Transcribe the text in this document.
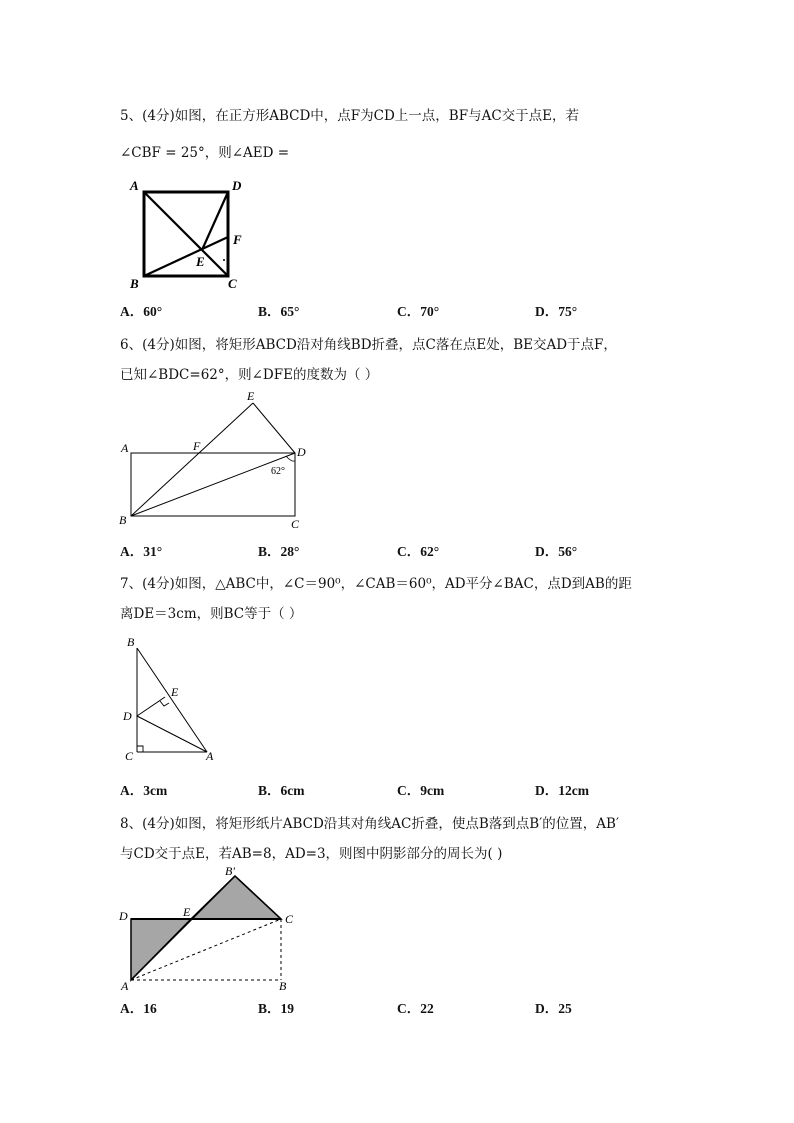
5、(4分)如图，在正方形ABCD中，点F为CD上一点，BF与AC交于点E，若
∠CBF = 25°，则∠AED =
A	D
F
E
B	C
A．60°	B．65°	C．70°	D．75°
6、(4分)如图，将矩形ABCD沿对角线BD折叠，点C落在点E处，BE交AD于点F，
已知∠BDC=62°，则∠DFE的度数为（ ）
A	F
E
D
62°
B	C
A．31°	B．28°	C．62°	D．56°
7、(4分)如图，△ABC中，∠C＝90⁰，∠CAB＝60⁰，AD平分∠BAC，点D到AB的距
离DE＝3cm，则BC等于（ ）
B
E
D
C	A
A．3cm	B．6cm	C．9cm	D．12cm
8、(4分)如图，将矩形纸片ABCD沿其对角线AC折叠，使点B落到点B′的位置，AB′
与CD交于点E，若AB=8，AD=3，则图中阴影部分的周长为( )
D	E
B′
C
A	B
A．16	B．19	C．22	D．25
